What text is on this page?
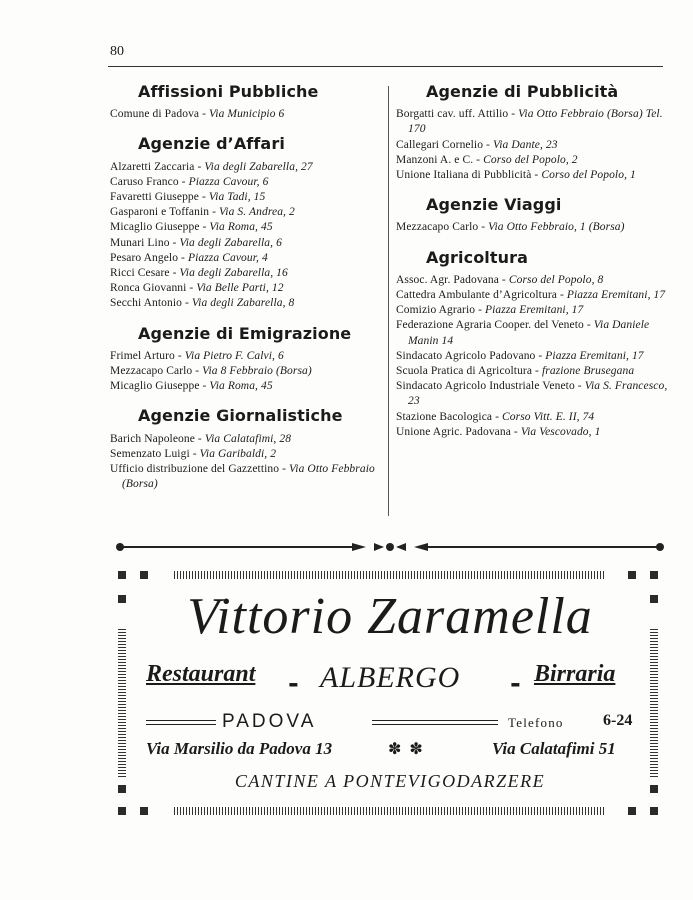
80
Affissioni Pubbliche

Comune di Padova - Via Municipio 6

Agenzie d’Affari

Alzaretti Zaccaria - Via degli Zabarella, 27

Caruso Franco - Piazza Cavour, 6

Favaretti Giuseppe - Via Tadi, 15

Gasparoni e Toffanin - Via S. Andrea, 2

Micaglio Giuseppe - Via Roma, 45

Munari Lino - Via degli Zabarella, 6

Pesaro Angelo - Piazza Cavour, 4

Ricci Cesare - Via degli Zabarella, 16

Ronca Giovanni - Via Belle Parti, 12

Secchi Antonio - Via degli Zabarella, 8

Agenzie di Emigrazione

Frimel Arturo - Via Pietro F. Calvi, 6

Mezzacapo Carlo - Via 8 Febbraio (Borsa)

Micaglio Giuseppe - Via Roma, 45

Agenzie Giornalistiche

Barich Napoleone - Via Calatafimi, 28

Semenzato Luigi - Via Garibaldi, 2

Ufficio distribuzione del Gazzettino - Via Otto Febbraio (Borsa)

Agenzie di Pubblicità

Borgatti cav. uff. Attilio - Via Otto Febbraio (Borsa) Tel. 170

Callegari Cornelio - Via Dante, 23

Manzoni A. e C. - Corso del Popolo, 2

Unione Italiana di Pubblicità - Corso del Popolo, 1

Agenzie Viaggi

Mezzacapo Carlo - Via Otto Febbraio, 1 (Borsa)

Agricoltura

Assoc. Agr. Padovana - Corso del Popolo, 8

Cattedra Ambulante d’Agricoltura - Piazza Eremitani, 17

Comizio Agrario - Piazza Eremitani, 17

Federazione Agraria Cooper. del Veneto - Via Daniele Manin 14

Sindacato Agricolo Padovano - Piazza Eremitani, 17

Scuola Pratica di Agricoltura - frazione Brusegana

Sindacato Agricolo Industriale Veneto - Via S. Francesco, 23

Stazione Bacologica - Corso Vitt. E. II, 74

Unione Agric. Padovana - Via Vescovado, 1

Vittorio Zaramella
Restaurant - ALBERGO - Birraria
PADOVA	Telefono 6-24
Via Marsilio da Padova 13	✽✽	Via Calatafimi 51
CANTINE A PONTEVIGODARZERE
